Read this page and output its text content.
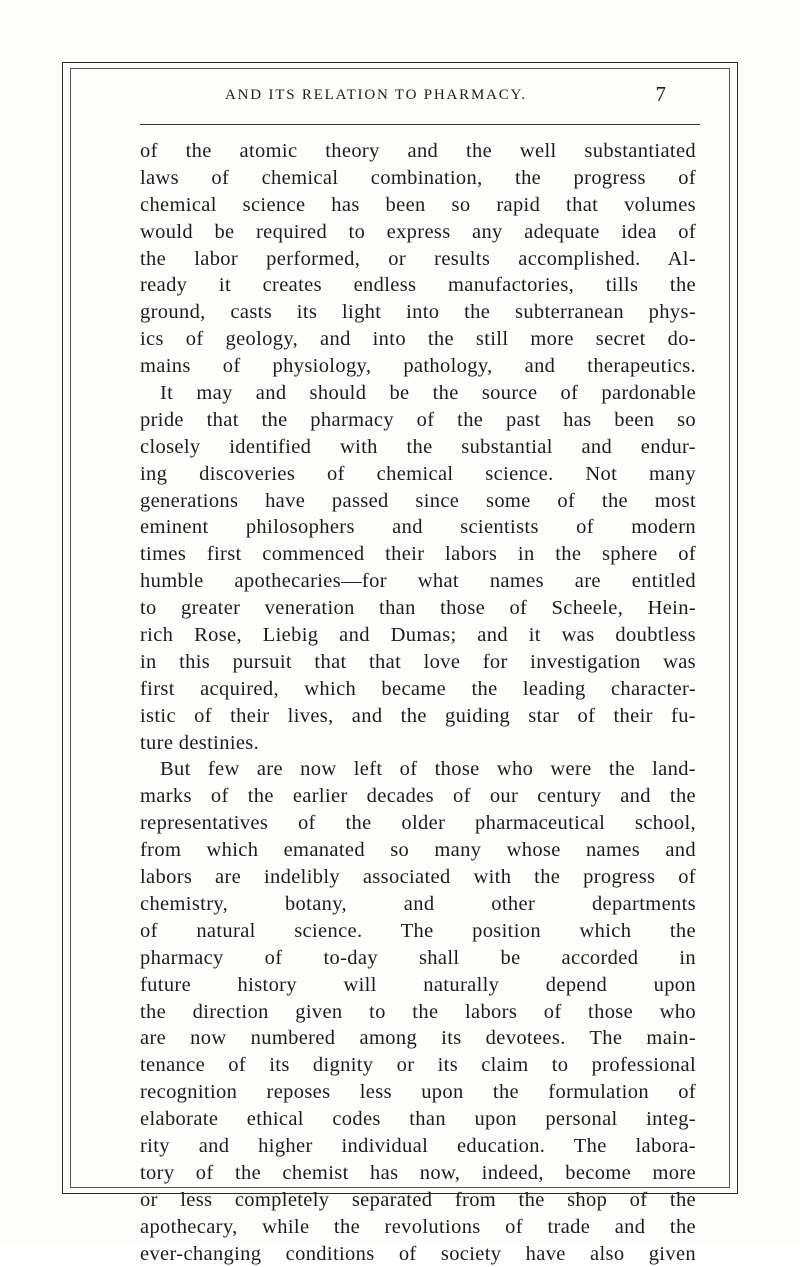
AND ITS RELATION TO PHARMACY.	7
of the atomic theory and the well substantiated
laws of chemical combination, the progress of
chemical science has been so rapid that volumes
would be required to express any adequate idea of
the labor performed, or results accomplished. Al-
ready it creates endless manufactories, tills the
ground, casts its light into the subterranean phys-
ics of geology, and into the still more secret do-
mains of physiology, pathology, and therapeutics.
It may and should be the source of pardonable
pride that the pharmacy of the past has been so
closely identified with the substantial and endur-
ing discoveries of chemical science. Not many
generations have passed since some of the most
eminent philosophers and scientists of modern
times first commenced their labors in the sphere of
humble apothecaries—for what names are entitled
to greater veneration than those of Scheele, Hein-
rich Rose, Liebig and Dumas; and it was doubtless
in this pursuit that that love for investigation was
first acquired, which became the leading character-
istic of their lives, and the guiding star of their fu-
ture destinies.
But few are now left of those who were the land-
marks of the earlier decades of our century and the
representatives of the older pharmaceutical school,
from which emanated so many whose names and
labors are indelibly associated with the progress of
chemistry, botany, and other departments
of natural science. The position which the
pharmacy of to-day shall be accorded in
future history will naturally depend upon
the direction given to the labors of those who
are now numbered among its devotees. The main-
tenance of its dignity or its claim to professional
recognition reposes less upon the formulation of
elaborate ethical codes than upon personal integ-
rity and higher individual education. The labora-
tory of the chemist has now, indeed, become more
or less completely separated from the shop of the
apothecary, while the revolutions of trade and the
ever-changing conditions of society have also given
